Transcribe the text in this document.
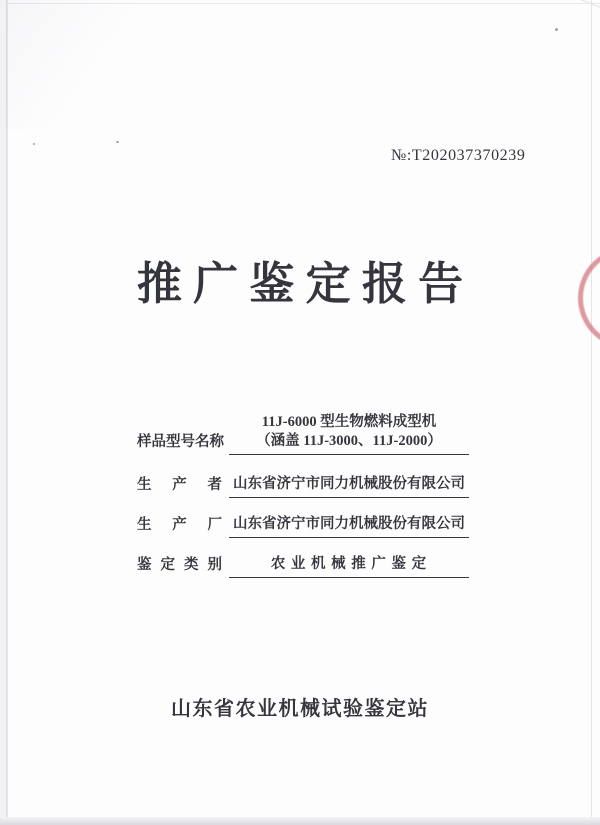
№:T202037370239
推 广 鉴 定 报 告
样品型号名称
11J-6000 型生物燃料成型机
（涵盖 11J-3000、11J-2000）
生 产 者 山东省济宁市同力机械股份有限公司
生 产 厂 山东省济宁市同力机械股份有限公司
鉴 定 类 别	农 业 机 械 推 广 鉴 定
山东省农业机械试验鉴定站
